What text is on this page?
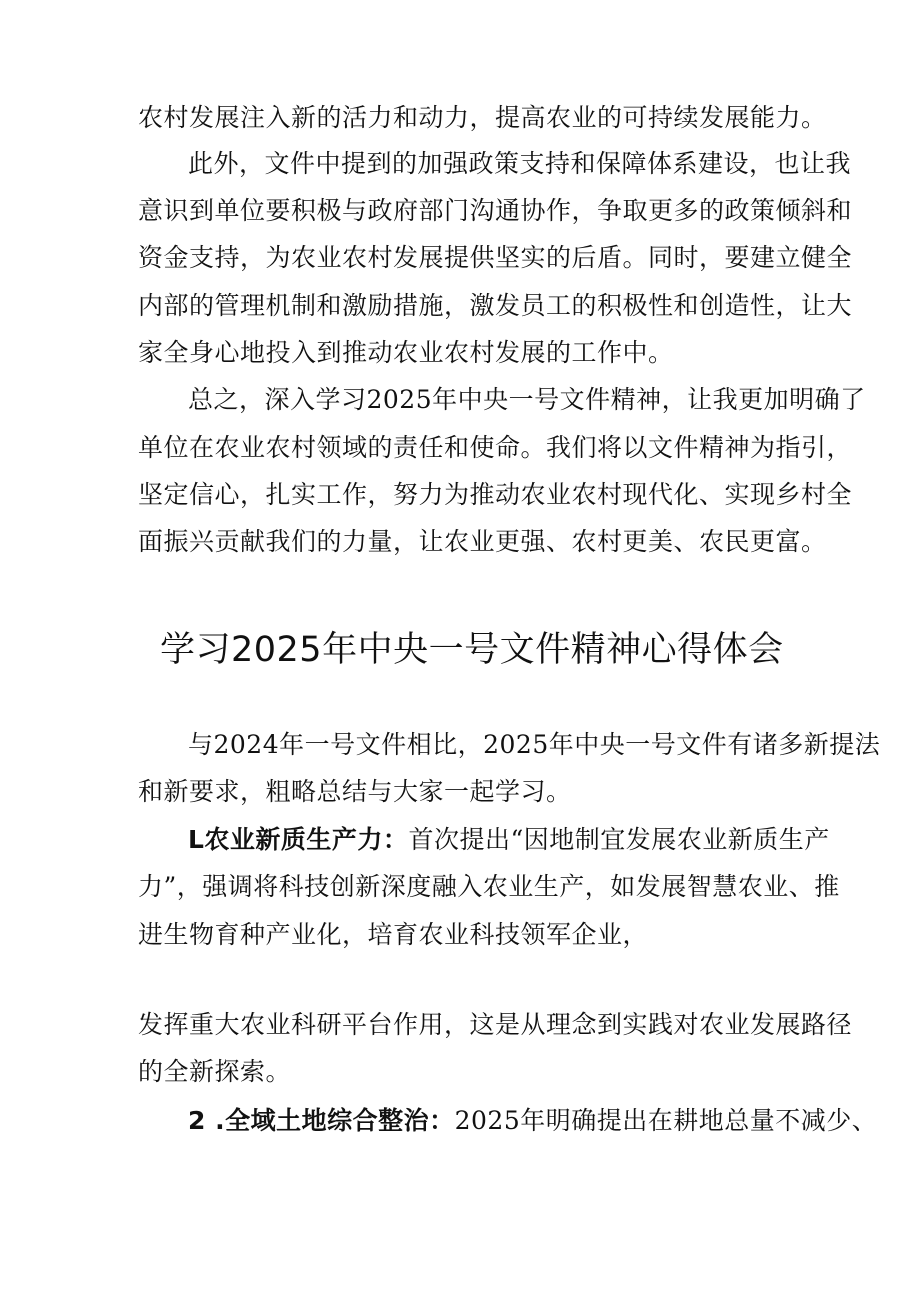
农村发展注入新的活力和动力，提高农业的可持续发展能力。
此外，文件中提到的加强政策支持和保障体系建设，也让我
意识到单位要积极与政府部门沟通协作，争取更多的政策倾斜和
资金支持，为农业农村发展提供坚实的后盾。同时，要建立健全
内部的管理机制和激励措施，激发员工的积极性和创造性，让大
家全身心地投入到推动农业农村发展的工作中。
总之，深入学习2025年中央一号文件精神，让我更加明确了
单位在农业农村领域的责任和使命。我们将以文件精神为指引，
坚定信心，扎实工作，努力为推动农业农村现代化、实现乡村全
面振兴贡献我们的力量，让农业更强、农村更美、农民更富。
学习2025年中央一号文件精神心得体会
与2024年一号文件相比，2025年中央一号文件有诸多新提法
和新要求，粗略总结与大家一起学习。
L农业新质生产力：首次提出“因地制宜发展农业新质生产
力”，强调将科技创新深度融入农业生产，如发展智慧农业、推
进生物育种产业化，培育农业科技领军企业，
发挥重大农业科研平台作用，这是从理念到实践对农业发展路径
的全新探索。
2 .全域土地综合整治：2025年明确提出在耕地总量不减少、
